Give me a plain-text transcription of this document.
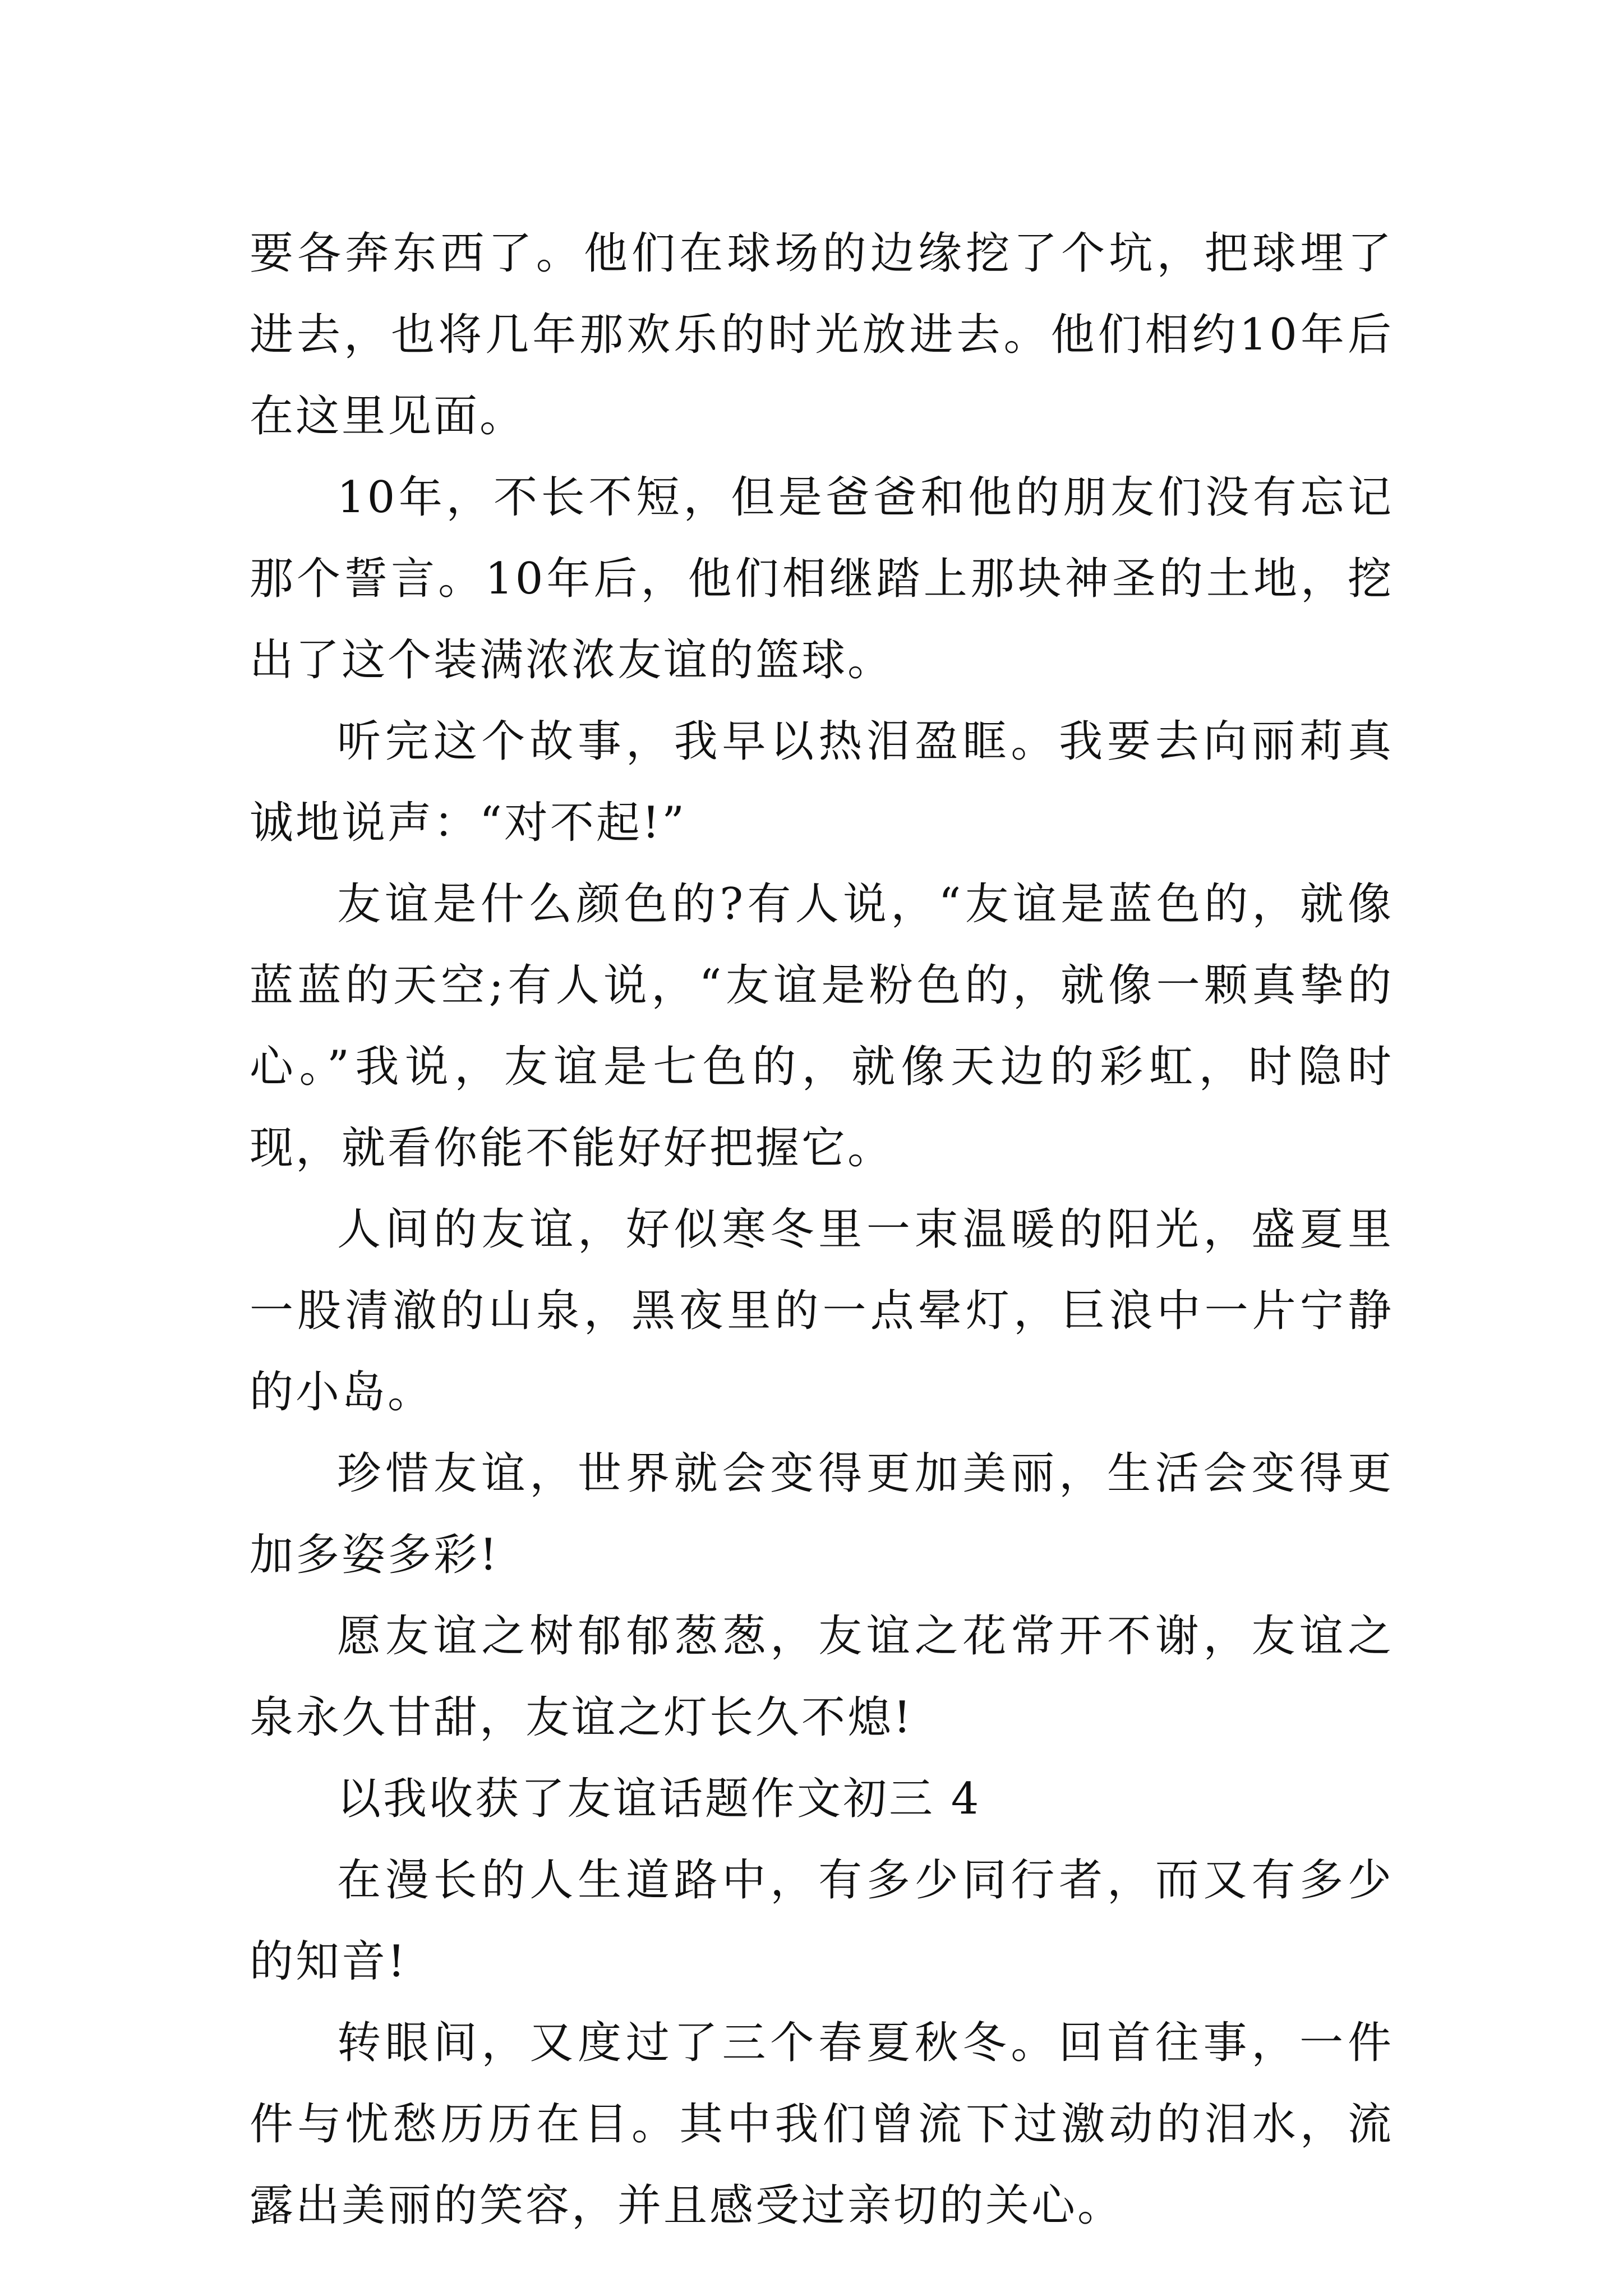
要各奔东西了。他们在球场的边缘挖了个坑，把球埋了进去，也将几年那欢乐的时光放进去。他们相约10年后在这里见面。

10年，不长不短，但是爸爸和他的朋友们没有忘记那个誓言。10年后，他们相继踏上那块神圣的土地，挖出了这个装满浓浓友谊的篮球。

听完这个故事，我早以热泪盈眶。我要去向丽莉真诚地说声：“对不起!”

友谊是什么颜色的?有人说，“友谊是蓝色的，就像蓝蓝的天空;有人说，“友谊是粉色的，就像一颗真挚的心。”我说，友谊是七色的，就像天边的彩虹，时隐时现，就看你能不能好好把握它。

人间的友谊，好似寒冬里一束温暖的阳光，盛夏里一股清澈的山泉，黑夜里的一点晕灯，巨浪中一片宁静的小岛。

珍惜友谊，世界就会变得更加美丽，生活会变得更加多姿多彩!

愿友谊之树郁郁葱葱，友谊之花常开不谢，友谊之泉永久甘甜，友谊之灯长久不熄!

以我收获了友谊话题作文初三 4

在漫长的人生道路中，有多少同行者，而又有多少的知音!

转眼间，又度过了三个春夏秋冬。回首往事，一件件与忧愁历历在目。其中我们曾流下过激动的泪水，流露出美丽的笑容，并且感受过亲切的关心。
